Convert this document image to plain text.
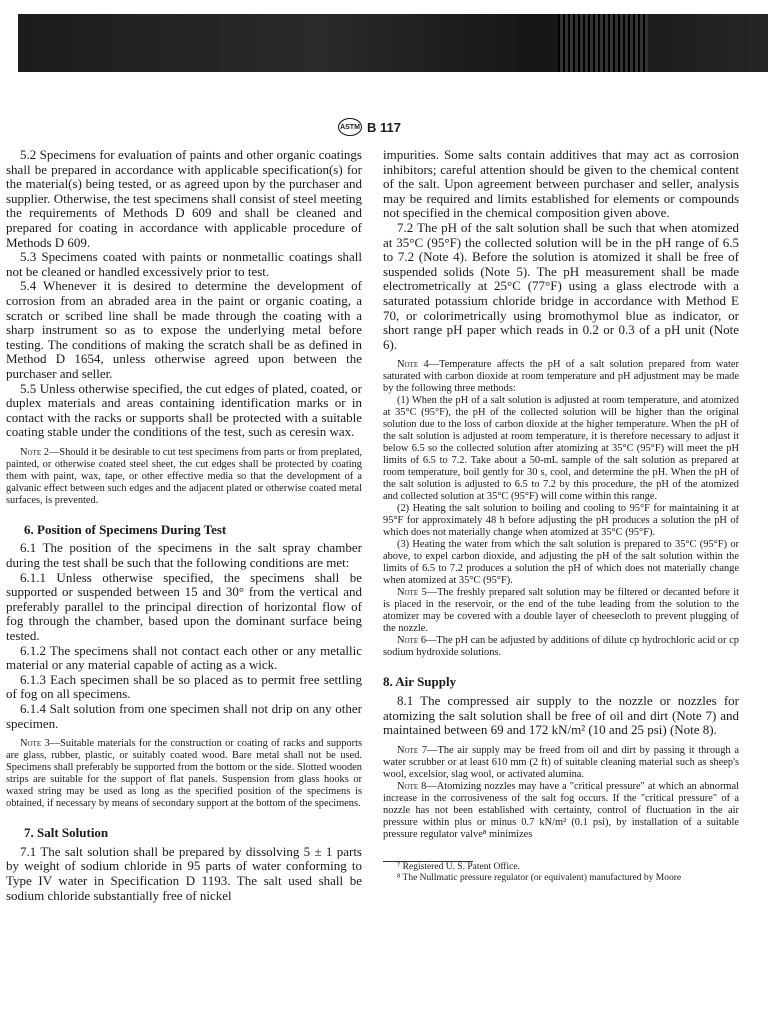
ASTM B 117

5.2 Specimens for evaluation of paints and other organic coatings shall be prepared in accordance with applicable specification(s) for the material(s) being tested, or as agreed upon by the purchaser and supplier. Otherwise, the test specimens shall consist of steel meeting the requirements of Methods D 609 and shall be cleaned and prepared for coating in accordance with applicable procedure of Methods D 609.

5.3 Specimens coated with paints or nonmetallic coatings shall not be cleaned or handled excessively prior to test.

5.4 Whenever it is desired to determine the development of corrosion from an abraded area in the paint or organic coating, a scratch or scribed line shall be made through the coating with a sharp instrument so as to expose the underlying metal before testing. The conditions of making the scratch shall be as defined in Method D 1654, unless otherwise agreed upon between the purchaser and seller.

5.5 Unless otherwise specified, the cut edges of plated, coated, or duplex materials and areas containing identification marks or in contact with the racks or supports shall be protected with a suitable coating stable under the conditions of the test, such as ceresin wax.

Note 2—Should it be desirable to cut test specimens from parts or from preplated, painted, or otherwise coated steel sheet, the cut edges shall be protected by coating them with paint, wax, tape, or other effective media so that the development of a galvanic effect between such edges and the adjacent plated or otherwise coated metal surfaces, is prevented.

6. Position of Specimens During Test

6.1 The position of the specimens in the salt spray chamber during the test shall be such that the following conditions are met:

6.1.1 Unless otherwise specified, the specimens shall be supported or suspended between 15 and 30° from the vertical and preferably parallel to the principal direction of horizontal flow of fog through the chamber, based upon the dominant surface being tested.

6.1.2 The specimens shall not contact each other or any metallic material or any material capable of acting as a wick.

6.1.3 Each specimen shall be so placed as to permit free settling of fog on all specimens.

6.1.4 Salt solution from one specimen shall not drip on any other specimen.

Note 3—Suitable materials for the construction or coating of racks and supports are glass, rubber, plastic, or suitably coated wood. Bare metal shall not be used. Specimens shall preferably be supported from the bottom or the side. Slotted wooden strips are suitable for the support of flat panels. Suspension from glass hooks or waxed string may be used as long as the specified position of the specimens is obtained, if necessary by means of secondary support at the bottom of the specimens.

7. Salt Solution

7.1 The salt solution shall be prepared by dissolving 5 ± 1 parts by weight of sodium chloride in 95 parts of water conforming to Type IV water in Specification D 1193. The salt used shall be sodium chloride substantially free of nickel

impurities. Some salts contain additives that may act as corrosion inhibitors; careful attention should be given to the chemical content of the salt. Upon agreement between purchaser and seller, analysis may be required and limits established for elements or compounds not specified in the chemical composition given above.

7.2 The pH of the salt solution shall be such that when atomized at 35°C (95°F) the collected solution will be in the pH range of 6.5 to 7.2 (Note 4). Before the solution is atomized it shall be free of suspended solids (Note 5). The pH measurement shall be made electrometrically at 25°C (77°F) using a glass electrode with a saturated potassium chloride bridge in accordance with Method E 70, or colorimetrically using bromothymol blue as indicator, or short range pH paper which reads in 0.2 or 0.3 of a pH unit (Note 6).

Note 4—Temperature affects the pH of a salt solution prepared from water saturated with carbon dioxide at room temperature and pH adjustment may be made by the following three methods:

(1) When the pH of a salt solution is adjusted at room temperature, and atomized at 35°C (95°F), the pH of the collected solution will be higher than the original solution due to the loss of carbon dioxide at the higher temperature. When the pH of the salt solution is adjusted at room temperature, it is therefore necessary to adjust it below 6.5 so the collected solution after atomizing at 35°C (95°F) will meet the pH limits of 6.5 to 7.2. Take about a 50-mL sample of the salt solution as prepared at room temperature, boil gently for 30 s, cool, and determine the pH. When the pH of the salt solution is adjusted to 6.5 to 7.2 by this procedure, the pH of the atomized and collected solution at 35°C (95°F) will come within this range.

(2) Heating the salt solution to boiling and cooling to 95°F for maintaining it at 95°F for approximately 48 h before adjusting the pH produces a solution the pH of which does not materially change when atomized at 35°C (95°F).

(3) Heating the water from which the salt solution is prepared to 35°C (95°F) or above, to expel carbon dioxide, and adjusting the pH of the salt solution within the limits of 6.5 to 7.2 produces a solution the pH of which does not materially change when atomized at 35°C (95°F).

Note 5—The freshly prepared salt solution may be filtered or decanted before it is placed in the reservoir, or the end of the tube leading from the solution to the atomizer may be covered with a double layer of cheesecloth to prevent plugging of the nozzle.

Note 6—The pH can be adjusted by additions of dilute cp hydrochloric acid or cp sodium hydroxide solutions.

8. Air Supply

8.1 The compressed air supply to the nozzle or nozzles for atomizing the salt solution shall be free of oil and dirt (Note 7) and maintained between 69 and 172 kN/m² (10 and 25 psi) (Note 8).

Note 7—The air supply may be freed from oil and dirt by passing it through a water scrubber or at least 610 mm (2 ft) of suitable cleaning material such as sheep's wool, excelsior, slag wool, or activated alumina.

Note 8—Atomizing nozzles may have a "critical pressure" at which an abnormal increase in the corrosiveness of the salt fog occurs. If the "critical pressure" of a nozzle has not been established with certainty, control of fluctuation in the air pressure within plus or minus 0.7 kN/m² (0.1 psi), by installation of a suitable pressure regulator valve⁸ minimizes

⁷ Registered U. S. Patent Office.

⁸ The Nullmatic pressure regulator (or equivalent) manufactured by Moore
